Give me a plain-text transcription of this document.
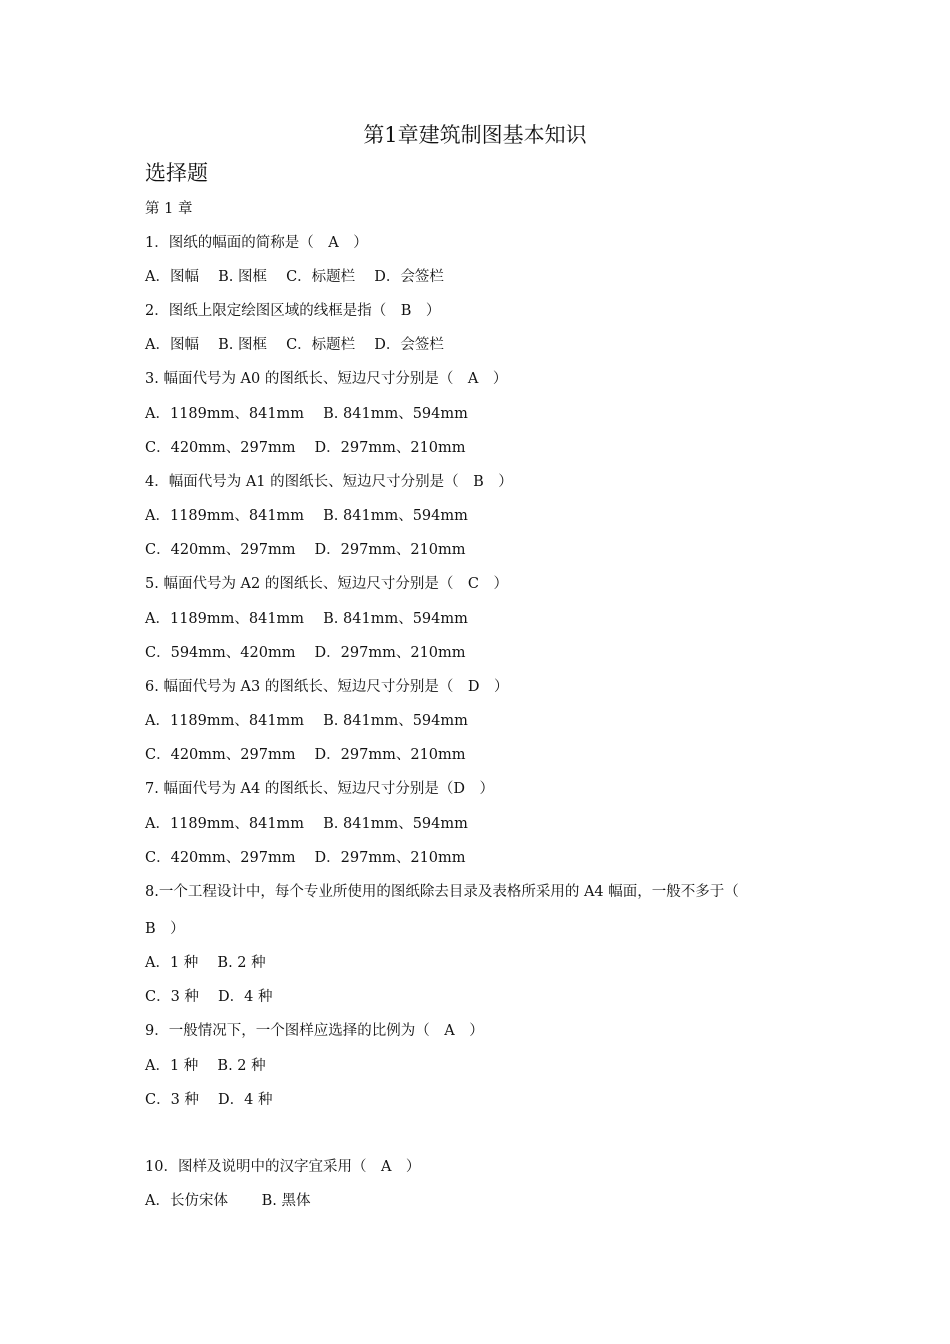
第1章建筑制图基本知识
选择题
第 1 章
1．图纸的幅面的简称是（　A　）
A．图幅　 B. 图框　 C．标题栏　 D．会签栏
2．图纸上限定绘图区域的线框是指（　B　）
A．图幅　 B. 图框　 C．标题栏　 D．会签栏
3. 幅面代号为 A0 的图纸长、短边尺寸分别是（　A　）
A．1189mm、841mm　 B. 841mm、594mm
C．420mm、297mm　 D．297mm、210mm
4．幅面代号为 A1 的图纸长、短边尺寸分别是（　B　）
A．1189mm、841mm　 B. 841mm、594mm
C．420mm、297mm　 D．297mm、210mm
5. 幅面代号为 A2 的图纸长、短边尺寸分别是（　C　）
A．1189mm、841mm　 B. 841mm、594mm
C．594mm、420mm　 D．297mm、210mm
6. 幅面代号为 A3 的图纸长、短边尺寸分别是（　D　）
A．1189mm、841mm　 B. 841mm、594mm
C．420mm、297mm　 D．297mm、210mm
7. 幅面代号为 A4 的图纸长、短边尺寸分别是（D　）
A．1189mm、841mm　 B. 841mm、594mm
C．420mm、297mm　 D．297mm、210mm
8.一个工程设计中，每个专业所使用的图纸除去目录及表格所采用的 A4 幅面，一般不多于（
B　）
A．1 种　 B. 2 种
C．3 种　 D．4 种
9．一般情况下，一个图样应选择的比例为（　A　）
A．1 种　 B. 2 种
C．3 种　 D．4 种
10．图样及说明中的汉字宜采用（　A　）
A．长仿宋体　　 B. 黑体
